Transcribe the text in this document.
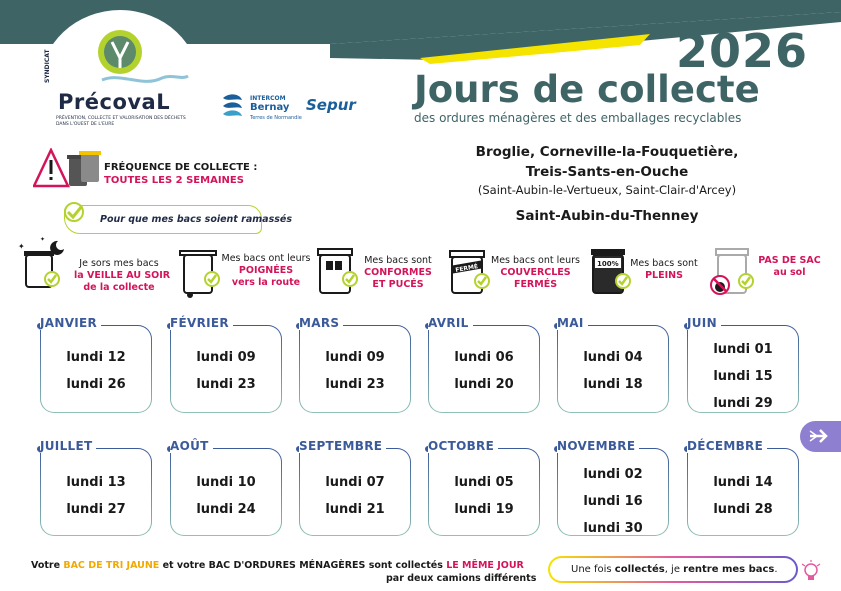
SYNDICAT
PrécovaL
PRÉVENTION, COLLECTE ET VALORISATION DES DÉCHETS DANS L'OUEST DE L'EURE
INTERCOM
Bernay
Terres de Normandie
Sepur
2026
Jours de collecte
des ordures ménagères et des emballages recyclables
Broglie, Corneville-la-Fouquetière,
Treis-Sants-en-Ouche
(Saint-Aubin-le-Vertueux, Saint-Clair-d'Arcey)
Saint-Aubin-du-Thenney
FRÉQUENCE DE COLLECTE :
TOUTES LES 2 SEMAINES
Pour que mes bacs soient ramassés
✦
✦
Je sors mes bacs
la VEILLE AU SOIR
de la collecte
Mes bacs ont leurs
POIGNÉES
vers la route
Mes bacs sont
CONFORMES
ET PUCÉS
FERMÉ
Mes bacs ont leurs
COUVERCLES
FERMÉS
100% Mes bacs sont
PLEINS
PAS DE SAC
au sol
JANVIER
lundi 12
lundi 26
FÉVRIER
lundi 09
lundi 23
MARS
lundi 09
lundi 23
AVRIL
lundi 06
lundi 20
MAI
lundi 04
lundi 18
JUIN
lundi 01
lundi 15
lundi 29
JUILLET
lundi 13
lundi 27
AOÛT
lundi 10
lundi 24
SEPTEMBRE
lundi 07
lundi 21
OCTOBRE
lundi 05
lundi 19
NOVEMBRE
lundi 02
lundi 16
lundi 30
DÉCEMBRE
lundi 14
lundi 28
Votre BAC DE TRI JAUNE et votre BAC D'ORDURES MÉNAGÈRES sont collectés LE MÊME JOUR
par deux camions différents
Une fois collectés, je rentre mes bacs.
